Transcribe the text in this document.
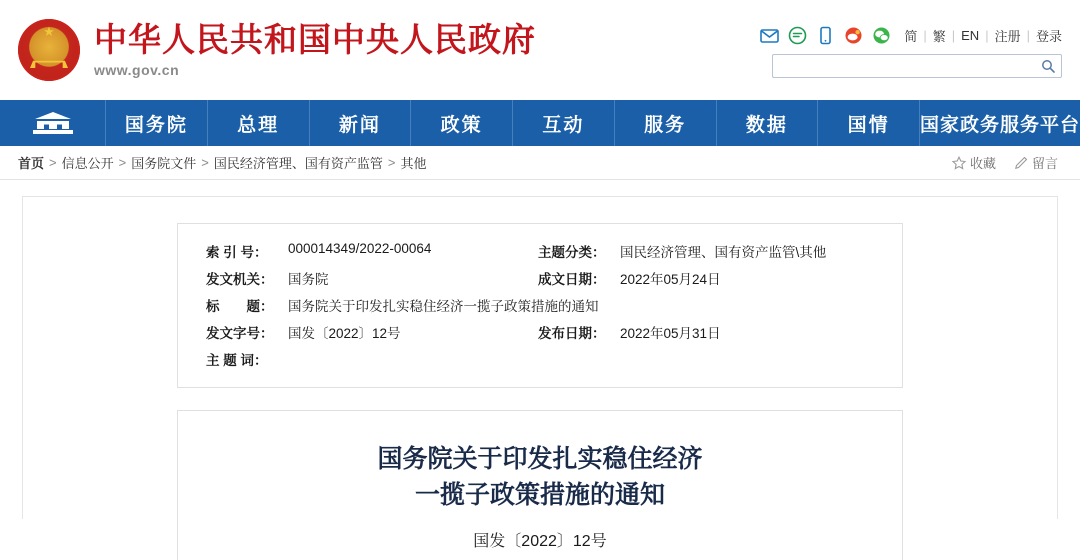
★
中华人民共和国中央人民政府
www.gov.cn
简 | 繁 | EN | 注册 | 登录
国务院	总理	新闻	政策	互动	服务	数据	国情	国家政务服务平台
首页 > 信息公开 > 国务院文件 > 国民经济管理、国有资产监管 > 其他	收藏	留言
索 引 号：	000014349/2022-00064	主题分类：	国民经济管理、国有资产监管\其他
发文机关：	国务院	成文日期：	2022年05月24日
标　　题：	国务院关于印发扎实稳住经济一揽子政策措施的通知
发文字号：	国发〔2022〕12号	发布日期：	2022年05月31日
主 题 词：
国务院关于印发扎实稳住经济
一揽子政策措施的通知
国发〔2022〕12号
